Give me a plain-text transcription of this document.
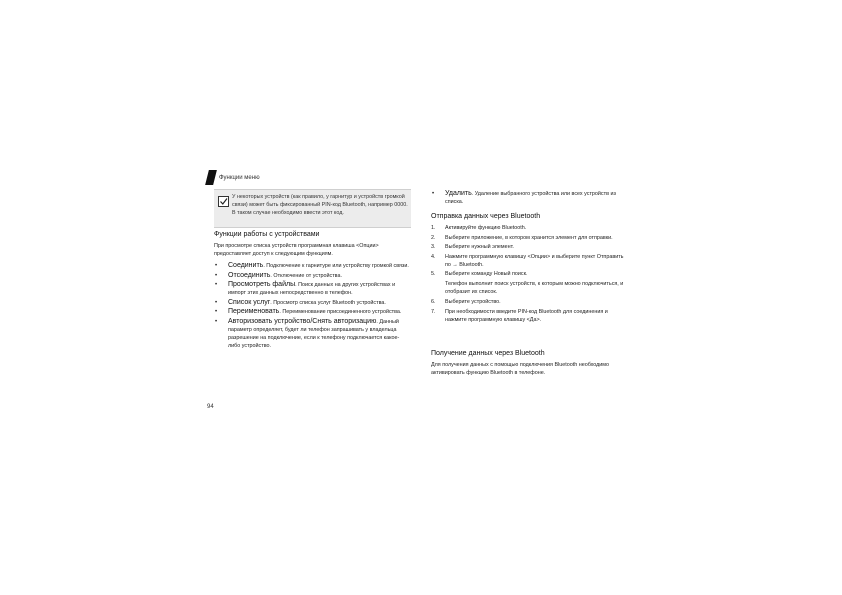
Функции меню
У некоторых устройств (как правило, у гарнитур и устройств громкой связи) может быть фиксированный PIN-код Bluetooth, например 0000. В таком случае необходимо ввести этот код.
Функции работы с устройствами
При просмотре списка устройств программная клавиша <Опции> предоставляет доступ к следующим функциям.
• Соединить. Подключение к гарнитуре или устройству громкой связи.
• Отсоединить. Отключение от устройства.
• Просмотреть файлы. Поиск данных на других устройствах и импорт этих данных непосредственно в телефон.
• Список услуг. Просмотр списка услуг Bluetooth устройства.
• Переименовать. Переименование присоединенного устройства.
• Авторизовать устройство/Снять авторизацию. Данный параметр определяет, будет ли телефон запрашивать у владельца разрешение на подключение, если к телефону подключается какое-либо устройство.
94
• Удалить. Удаление выбранного устройства или всех устройств из списка.
Отправка данных через Bluetooth
1. Активируйте функцию Bluetooth.
2. Выберите приложение, в котором хранится элемент для отправки.
3. Выберите нужный элемент.
4. Нажмите программную клавишу <Опции> и выберите пункт Отправить по → Bluetooth.
5. Выберите команду Новый поиск.
Телефон выполнит поиск устройств, к которым можно подключиться, и отобразит их список.
6. Выберите устройство.
7. При необходимости введите PIN-код Bluetooth для соединения и нажмите программную клавишу <Да>.
Получение данных через Bluetooth
Для получения данных с помощью подключения Bluetooth необходимо активировать функцию Bluetooth в телефоне.
